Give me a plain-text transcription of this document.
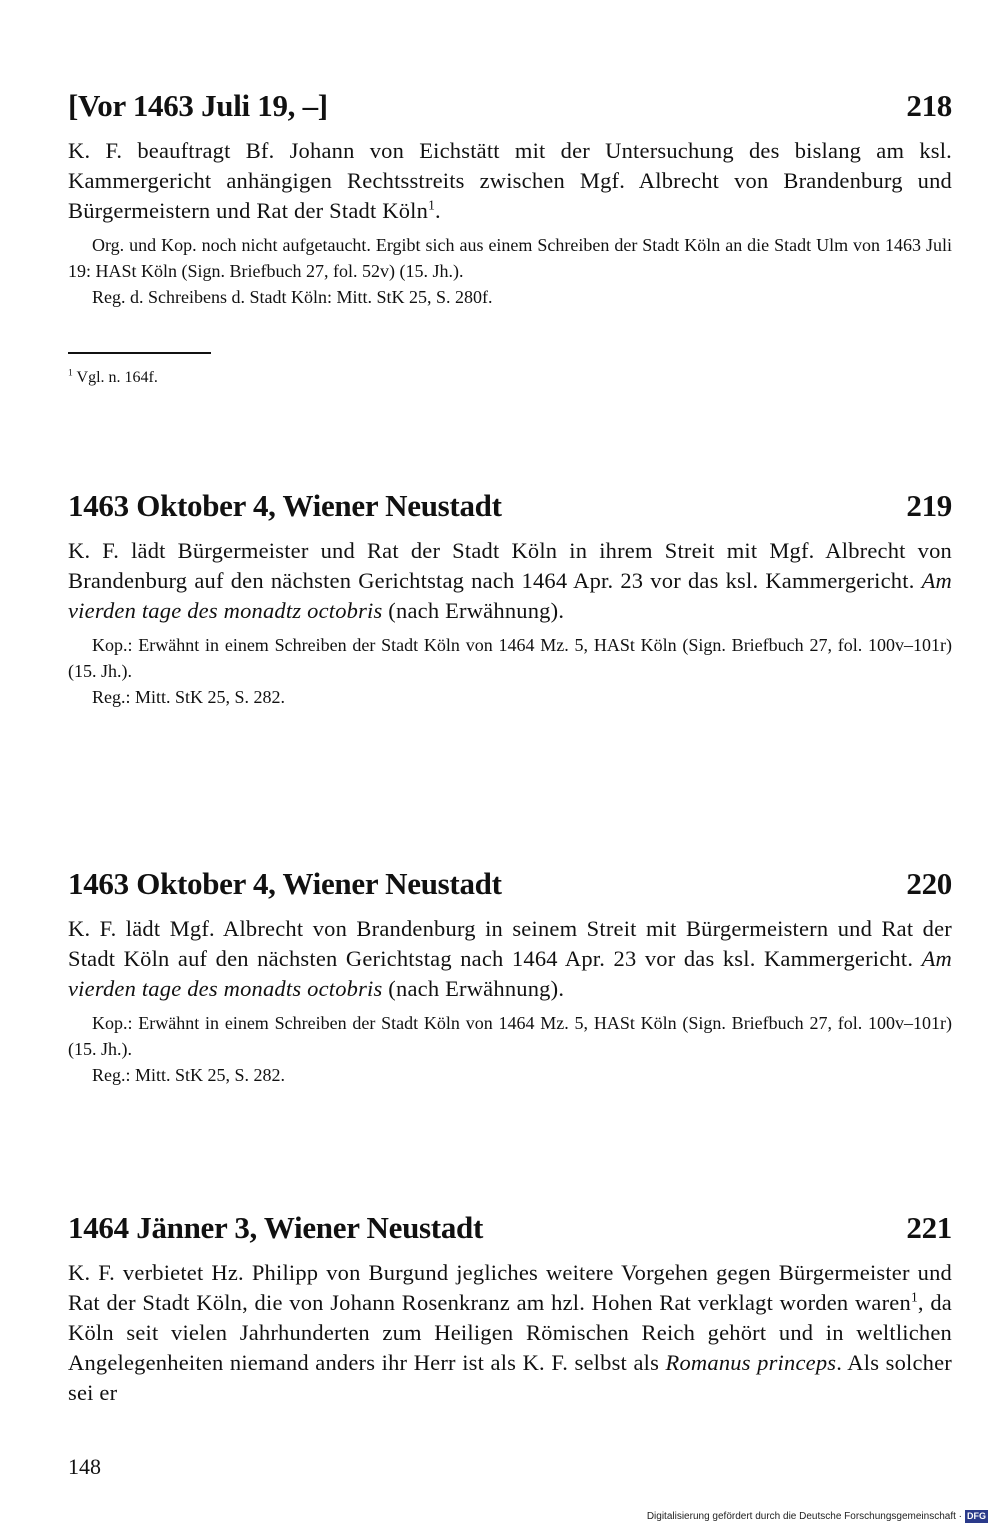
[Vor 1463 Juli 19, –]	218
K. F. beauftragt Bf. Johann von Eichstätt mit der Untersuchung des bislang am ksl. Kammergericht anhängigen Rechtsstreits zwischen Mgf. Albrecht von Brandenburg und Bürgermeistern und Rat der Stadt Köln$^1$.
Org. und Kop. noch nicht aufgetaucht. Ergibt sich aus einem Schreiben der Stadt Köln an die Stadt Ulm von 1463 Juli 19: HASt Köln (Sign. Briefbuch 27, fol. 52v) (15. Jh.).
Reg. d. Schreibens d. Stadt Köln: Mitt. StK 25, S. 280f.
$^1$ Vgl. n. 164f.
1463 Oktober 4, Wiener Neustadt	219
K. F. lädt Bürgermeister und Rat der Stadt Köln in ihrem Streit mit Mgf. Albrecht von Brandenburg auf den nächsten Gerichtstag nach 1464 Apr. 23 vor das ksl. Kammergericht. Am vierden tage des monadtz octobris (nach Erwähnung).
Kop.: Erwähnt in einem Schreiben der Stadt Köln von 1464 Mz. 5, HASt Köln (Sign. Briefbuch 27, fol. 100v–101r) (15. Jh.).
Reg.: Mitt. StK 25, S. 282.
1463 Oktober 4, Wiener Neustadt	220
K. F. lädt Mgf. Albrecht von Brandenburg in seinem Streit mit Bürgermeistern und Rat der Stadt Köln auf den nächsten Gerichtstag nach 1464 Apr. 23 vor das ksl. Kammergericht. Am vierden tage des monadts octobris (nach Erwähnung).
Kop.: Erwähnt in einem Schreiben der Stadt Köln von 1464 Mz. 5, HASt Köln (Sign. Briefbuch 27, fol. 100v–101r) (15. Jh.).
Reg.: Mitt. StK 25, S. 282.
1464 Jänner 3, Wiener Neustadt	221
K. F. verbietet Hz. Philipp von Burgund jegliches weitere Vorgehen gegen Bürgermeister und Rat der Stadt Köln, die von Johann Rosenkranz am hzl. Hohen Rat verklagt worden waren$^1$, da Köln seit vielen Jahrhunderten zum Heiligen Römischen Reich gehört und in weltlichen Angelegenheiten niemand anders ihr Herr ist als K. F. selbst als Romanus princeps. Als solcher sei er
148
Digitalisierung gefördert durch die Deutsche Forschungsgemeinschaft · DFG
